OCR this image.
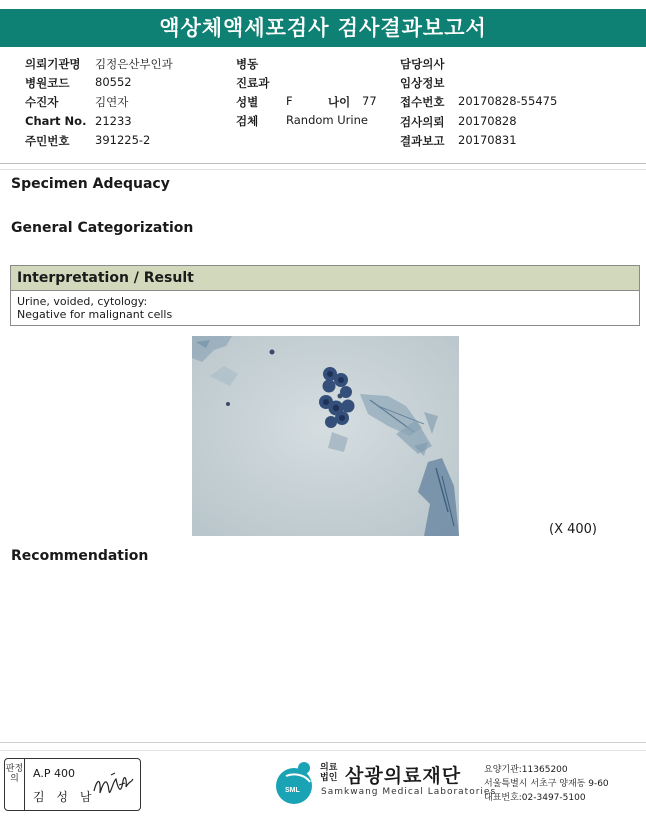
액상체액세포검사 검사결과보고서
의뢰기관명 김정은산부인과
병원코드 80552
수진자	김연자
Chart No. 21233
주민번호 391225-2
병동
진료과
성별 F	나이 77
검체 Random Urine
담당의사
임상정보
접수번호 20170828-55475
검사의뢰 20170828
결과보고 20170831
Specimen Adequacy
General Categorization
Interpretation / Result
Urine, voided, cytology:
Negative for malignant cells
(X 400)
Recommendation
판정의	A.P 400
김 성 남	SML
의료
법인 삼광의료재단
Samkwang Medical Laboratories
요양기관:11365200
서울특별시 서초구 양재동 9-60
대표번호:02-3497-5100
